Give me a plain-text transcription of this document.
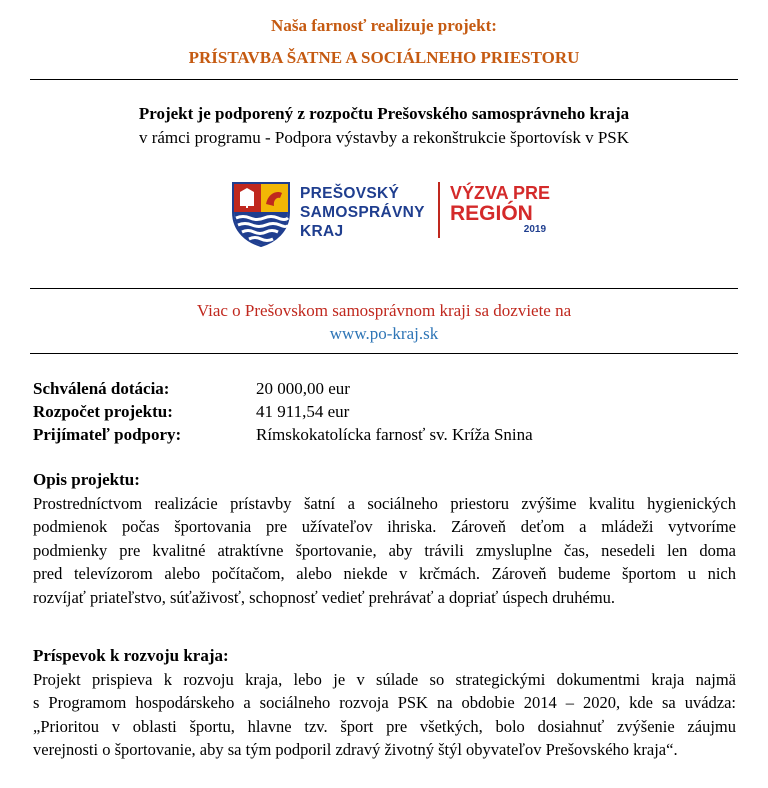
Naša farnosť realizuje projekt:
PRÍSTAVBA ŠATNE A SOCIÁLNEHO PRIESTORU
Projekt je podporený z rozpočtu Prešovského samosprávneho kraja
v rámci programu - Podpora výstavby a rekonštrukcie športovísk v PSK
PREŠOVSKÝ
SAMOSPRÁVNY
KRAJ
VÝZVA PRE
REGIÓN
2019
Viac o Prešovskom samosprávnom kraji sa dozviete na
www.po-kraj.sk
Schválená dotácia:	20 000,00 eur
Rozpočet projektu:	41 911,54 eur
Prijímateľ podpory:	Rímskokatolícka farnosť sv. Kríža Snina
Opis projektu:
Prostredníctvom realizácie prístavby šatní a sociálneho priestoru zvýšime kvalitu hygienických
podmienok počas športovania pre užívateľov ihriska. Zároveň deťom a mládeži vytvoríme
podmienky pre kvalitné atraktívne športovanie, aby trávili zmysluplne čas, nesedeli len doma
pred televízorom alebo počítačom, alebo niekde v krčmách. Zároveň budeme športom u nich
rozvíjať priateľstvo, súťaživosť, schopnosť vedieť prehrávať a dopriať úspech druhému.
Príspevok k rozvoju kraja:
Projekt prispieva k rozvoju kraja, lebo je v súlade so strategickými dokumentmi kraja najmä
s Programom hospodárskeho a sociálneho rozvoja PSK na obdobie 2014 – 2020, kde sa uvádza:
„Prioritou v oblasti športu, hlavne tzv. šport pre všetkých, bolo dosiahnuť zvýšenie záujmu
verejnosti o športovanie, aby sa tým podporil zdravý životný štýl obyvateľov Prešovského kraja“.
